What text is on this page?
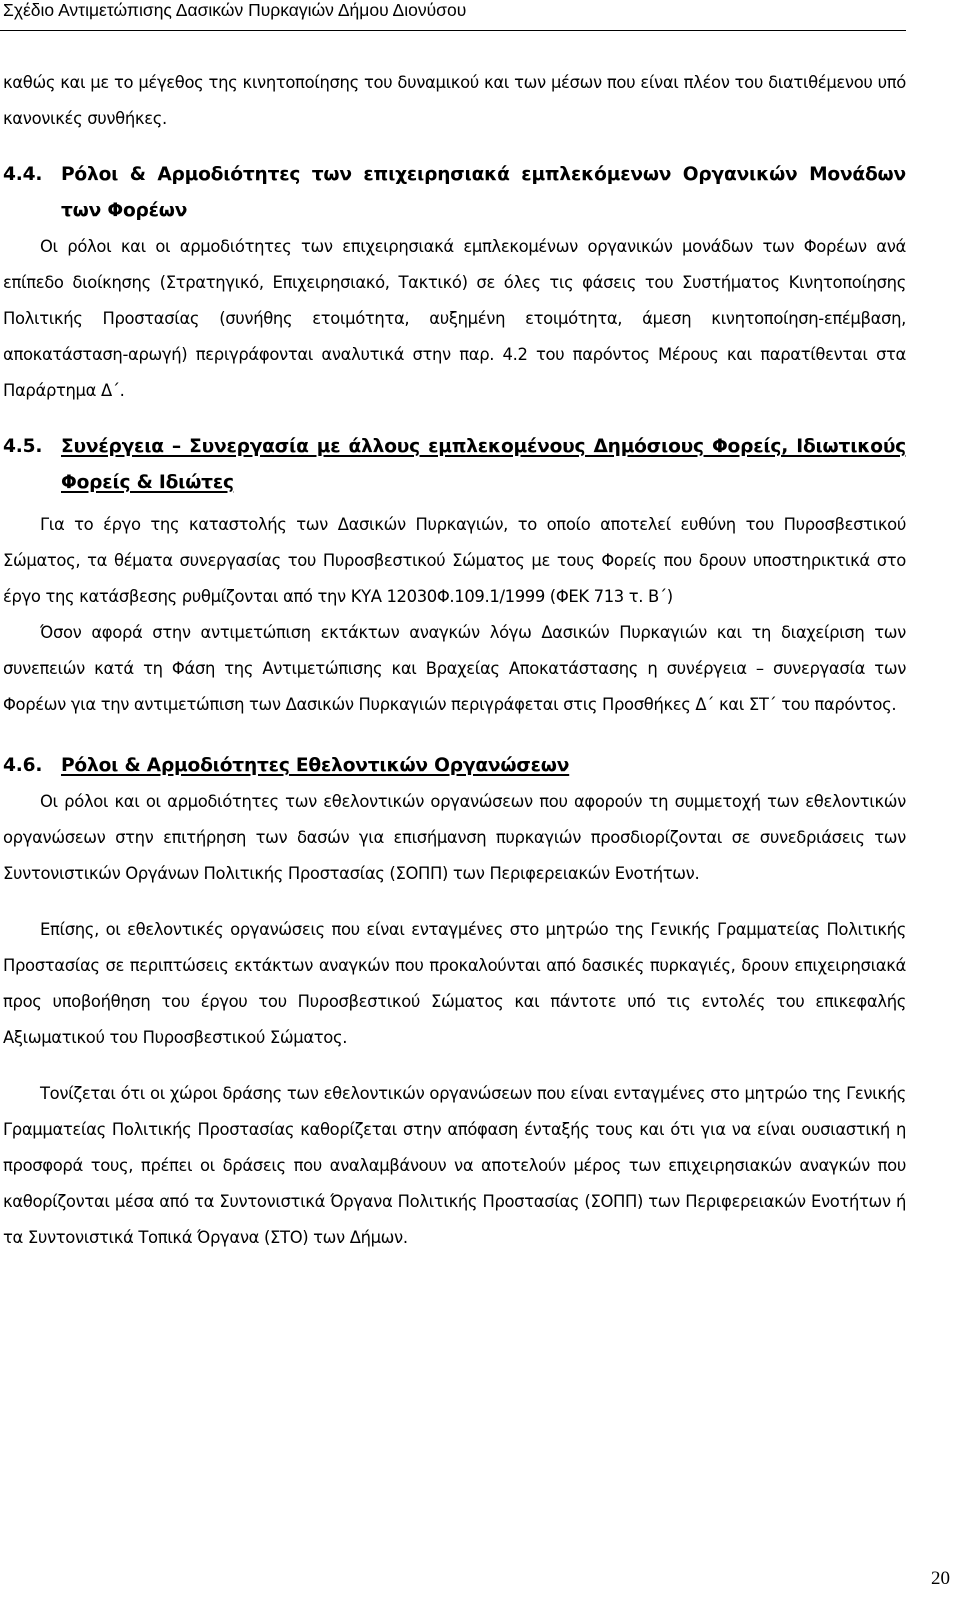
Σχέδιο Αντιμετώπισης Δασικών Πυρκαγιών Δήμου Διονύσου

καθώς και με το μέγεθος της κινητοποίησης του δυναμικού και των μέσων που είναι πλέον του διατιθέμενου υπό κανονικές συνθήκες.

4.4.	Ρόλοι & Αρμοδιότητες των επιχειρησιακά εμπλεκόμενων Οργανικών Μονάδων των Φορέων

Οι ρόλοι και οι αρμοδιότητες των επιχειρησιακά εμπλεκομένων οργανικών μονάδων των Φορέων ανά επίπεδο διοίκησης (Στρατηγικό, Επιχειρησιακό, Τακτικό) σε όλες τις φάσεις του Συστήματος Κινητοποίησης Πολιτικής Προστασίας (συνήθης ετοιμότητα, αυξημένη ετοιμότητα, άμεση κινητοποίηση-επέμβαση, αποκατάσταση-αρωγή) περιγράφονται αναλυτικά στην παρ. 4.2 του παρόντος Μέρους και παρατίθενται στα Παράρτημα Δ΄.

4.5.	Συνέργεια – Συνεργασία με άλλους εμπλεκομένους Δημόσιους Φορείς, Ιδιωτικούς Φορείς & Ιδιώτες

Για το έργο της καταστολής των Δασικών Πυρκαγιών, το οποίο αποτελεί ευθύνη του Πυροσβεστικού Σώματος, τα θέματα συνεργασίας του Πυροσβεστικού Σώματος με τους Φορείς που δρουν υποστηρικτικά στο έργο της κατάσβεσης ρυθμίζονται από την ΚΥΑ 12030Φ.109.1/1999 (ΦΕΚ 713 τ. Β΄)

Όσον αφορά στην αντιμετώπιση εκτάκτων αναγκών λόγω Δασικών Πυρκαγιών και τη διαχείριση των συνεπειών κατά τη Φάση της Αντιμετώπισης και Βραχείας Αποκατάστασης η συνέργεια – συνεργασία των Φορέων για την αντιμετώπιση των Δασικών Πυρκαγιών περιγράφεται στις Προσθήκες Δ΄ και ΣΤ΄ του παρόντος.

4.6.	Ρόλοι & Αρμοδιότητες Εθελοντικών Οργανώσεων

Οι ρόλοι και οι αρμοδιότητες των εθελοντικών οργανώσεων που αφορούν τη συμμετοχή των εθελοντικών οργανώσεων στην επιτήρηση των δασών για επισήμανση πυρκαγιών προσδιορίζονται σε συνεδριάσεις των Συντονιστικών Οργάνων Πολιτικής Προστασίας (ΣΟΠΠ) των Περιφερειακών Ενοτήτων.

Επίσης, οι εθελοντικές οργανώσεις που είναι ενταγμένες στο μητρώο της Γενικής Γραμματείας Πολιτικής Προστασίας σε περιπτώσεις εκτάκτων αναγκών που προκαλούνται από δασικές πυρκαγιές, δρουν επιχειρησιακά προς υποβοήθηση του έργου του Πυροσβεστικού Σώματος και πάντοτε υπό τις εντολές του επικεφαλής Αξιωματικού του Πυροσβεστικού Σώματος.

Τονίζεται ότι οι χώροι δράσης των εθελοντικών οργανώσεων που είναι ενταγμένες στο μητρώο της Γενικής Γραμματείας Πολιτικής Προστασίας καθορίζεται στην απόφαση ένταξής τους και ότι για να είναι ουσιαστική η προσφορά τους, πρέπει οι δράσεις που αναλαμβάνουν να αποτελούν μέρος των επιχειρησιακών αναγκών που καθορίζονται μέσα από τα Συντονιστικά Όργανα Πολιτικής Προστασίας (ΣΟΠΠ) των Περιφερειακών Ενοτήτων ή τα Συντονιστικά Τοπικά Όργανα (ΣΤΟ) των Δήμων.

20
